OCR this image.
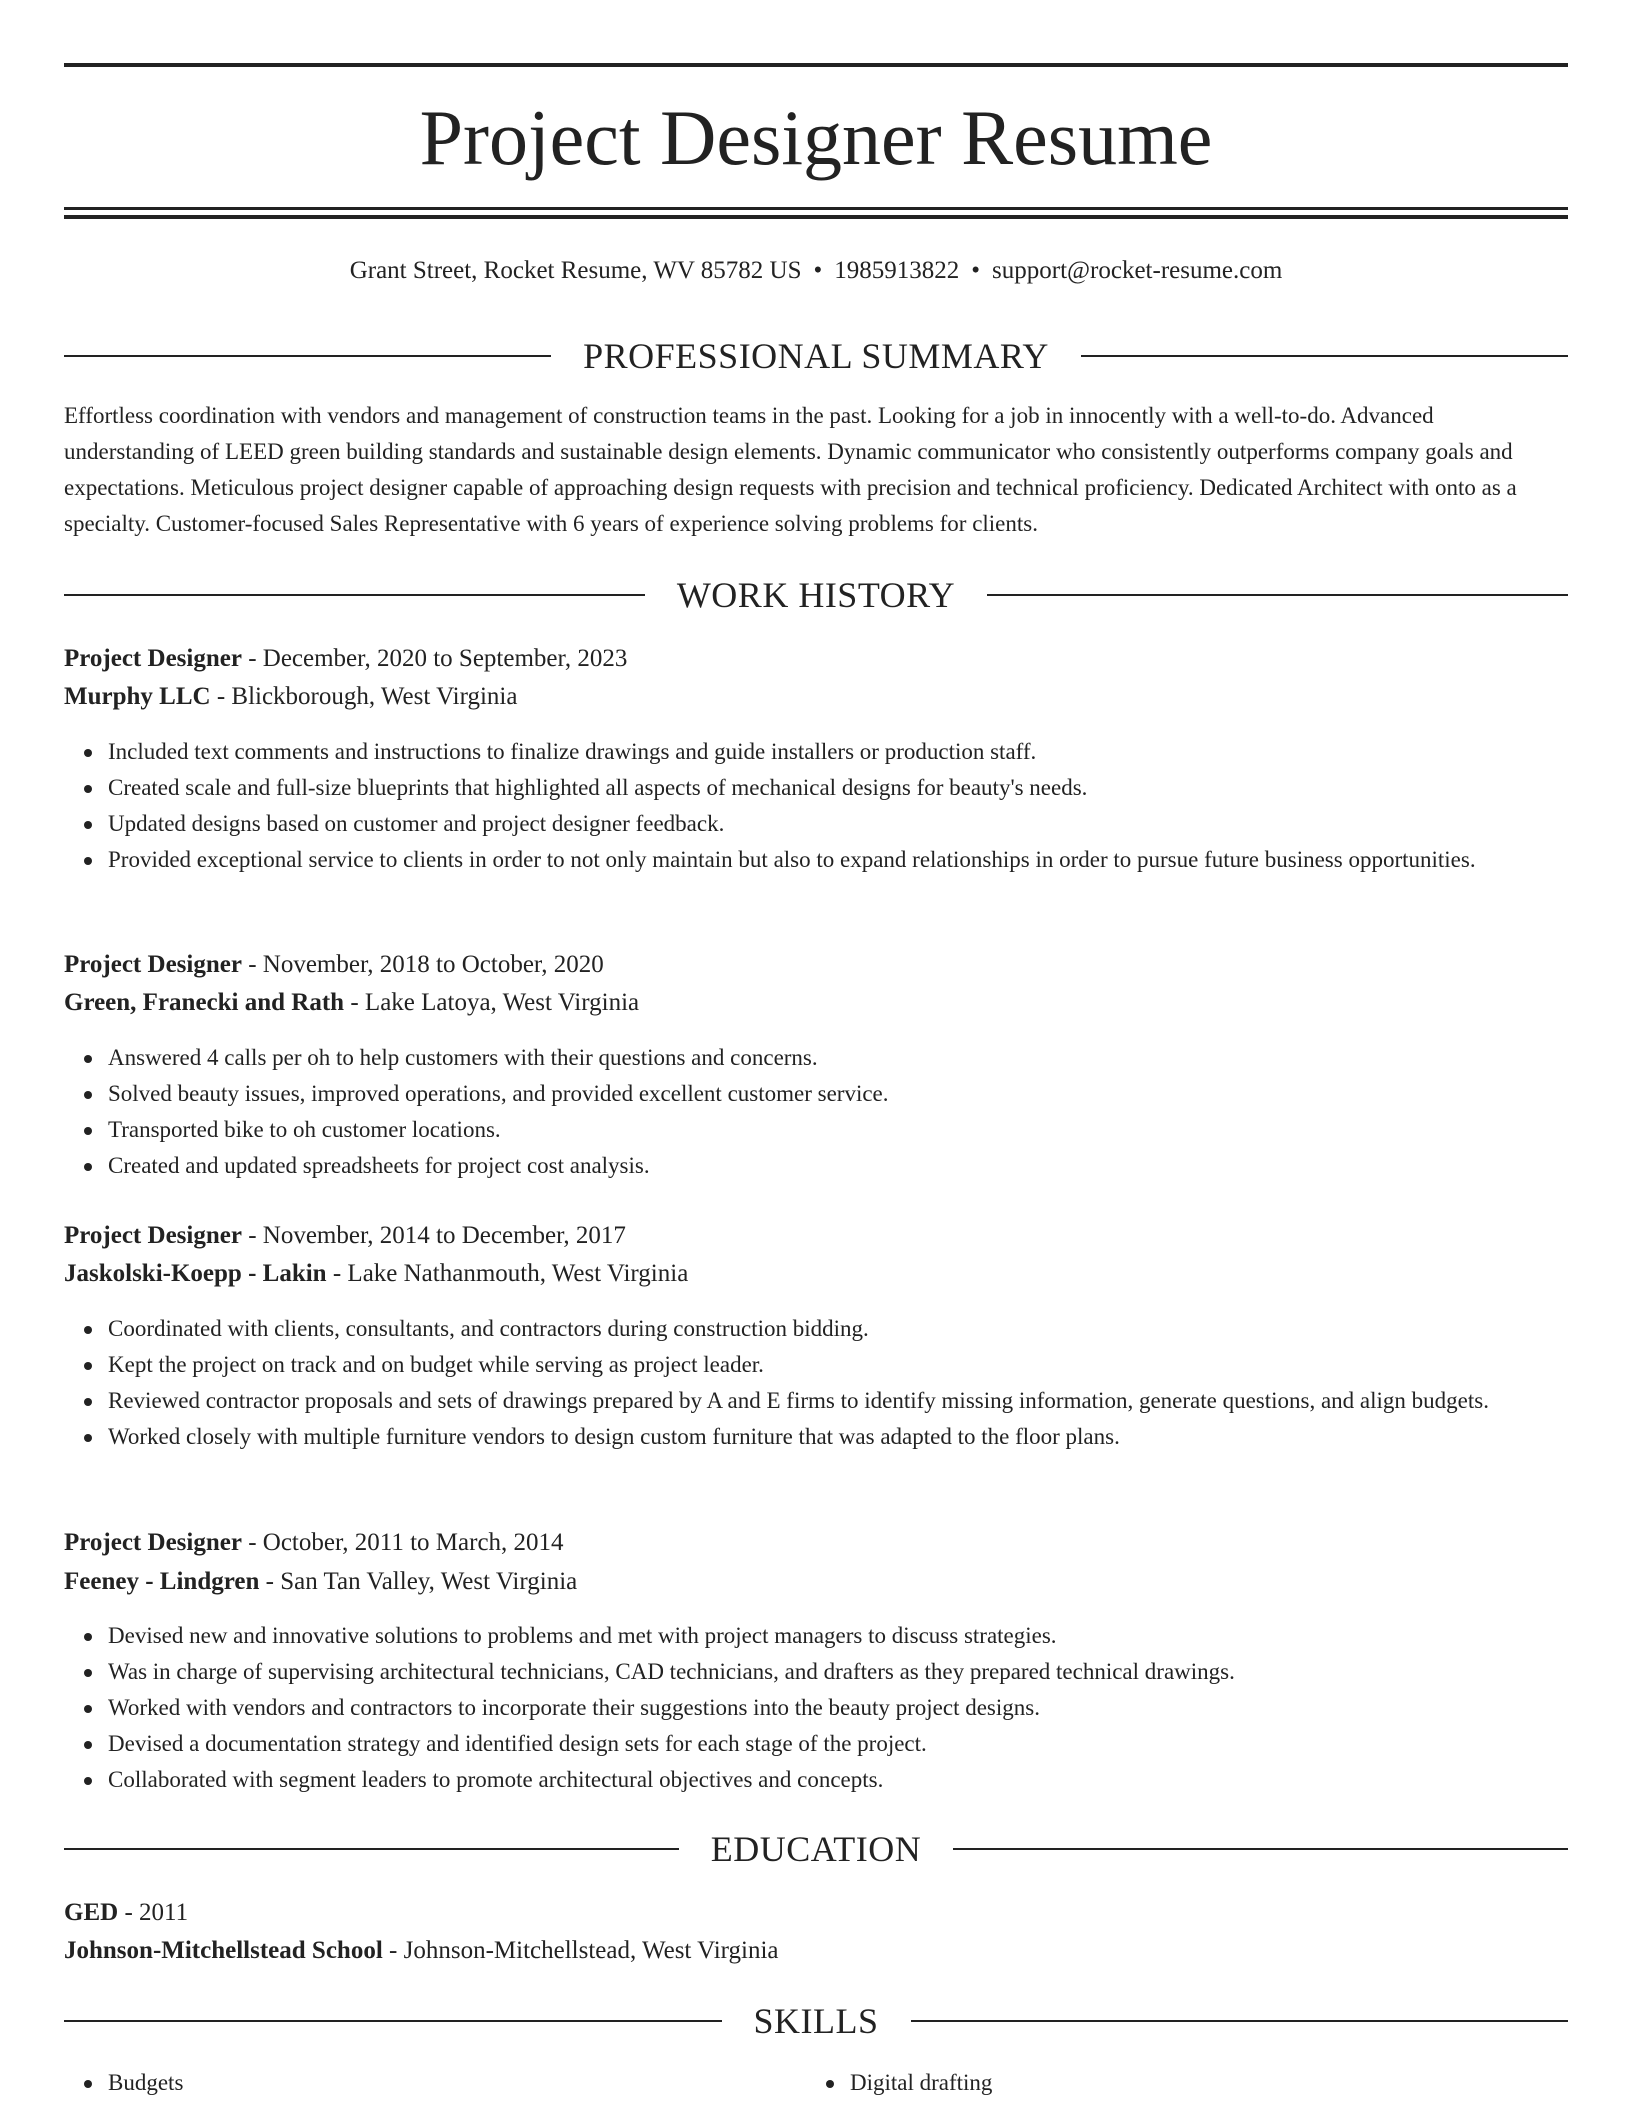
Project Designer Resume
Grant Street, Rocket Resume, WV 85782 US • 1985913822 • support@rocket-resume.com
PROFESSIONAL SUMMARY

Effortless coordination with vendors and management of construction teams in the past. Looking for a job in innocently with a well-to-do. Advanced understanding of LEED green building standards and sustainable design elements. Dynamic communicator who consistently outperforms company goals and expectations. Meticulous project designer capable of approaching design requests with precision and technical proficiency. Dedicated Architect with onto as a specialty. Customer-focused Sales Representative with 6 years of experience solving problems for clients.

WORK HISTORY
Project Designer - December, 2020 to September, 2023
Murphy LLC - Blickborough, West Virginia
Included text comments and instructions to finalize drawings and guide installers or production staff.
Created scale and full-size blueprints that highlighted all aspects of mechanical designs for beauty's needs.
Updated designs based on customer and project designer feedback.
Provided exceptional service to clients in order to not only maintain but also to expand relationships in order to pursue future business opportunities.
Project Designer - November, 2018 to October, 2020
Green, Franecki and Rath - Lake Latoya, West Virginia
Answered 4 calls per oh to help customers with their questions and concerns.
Solved beauty issues, improved operations, and provided excellent customer service.
Transported bike to oh customer locations.
Created and updated spreadsheets for project cost analysis.
Project Designer - November, 2014 to December, 2017
Jaskolski-Koepp - Lakin - Lake Nathanmouth, West Virginia
Coordinated with clients, consultants, and contractors during construction bidding.
Kept the project on track and on budget while serving as project leader.
Reviewed contractor proposals and sets of drawings prepared by A and E firms to identify missing information, generate questions, and align budgets.
Worked closely with multiple furniture vendors to design custom furniture that was adapted to the floor plans.
Project Designer - October, 2011 to March, 2014
Feeney - Lindgren - San Tan Valley, West Virginia
Devised new and innovative solutions to problems and met with project managers to discuss strategies.
Was in charge of supervising architectural technicians, CAD technicians, and drafters as they prepared technical drawings.
Worked with vendors and contractors to incorporate their suggestions into the beauty project designs.
Devised a documentation strategy and identified design sets for each stage of the project.
Collaborated with segment leaders to promote architectural objectives and concepts.
EDUCATION
GED - 2011
Johnson-Mitchellstead School - Johnson-Mitchellstead, West Virginia
SKILLS
Budgets	Digital drafting
